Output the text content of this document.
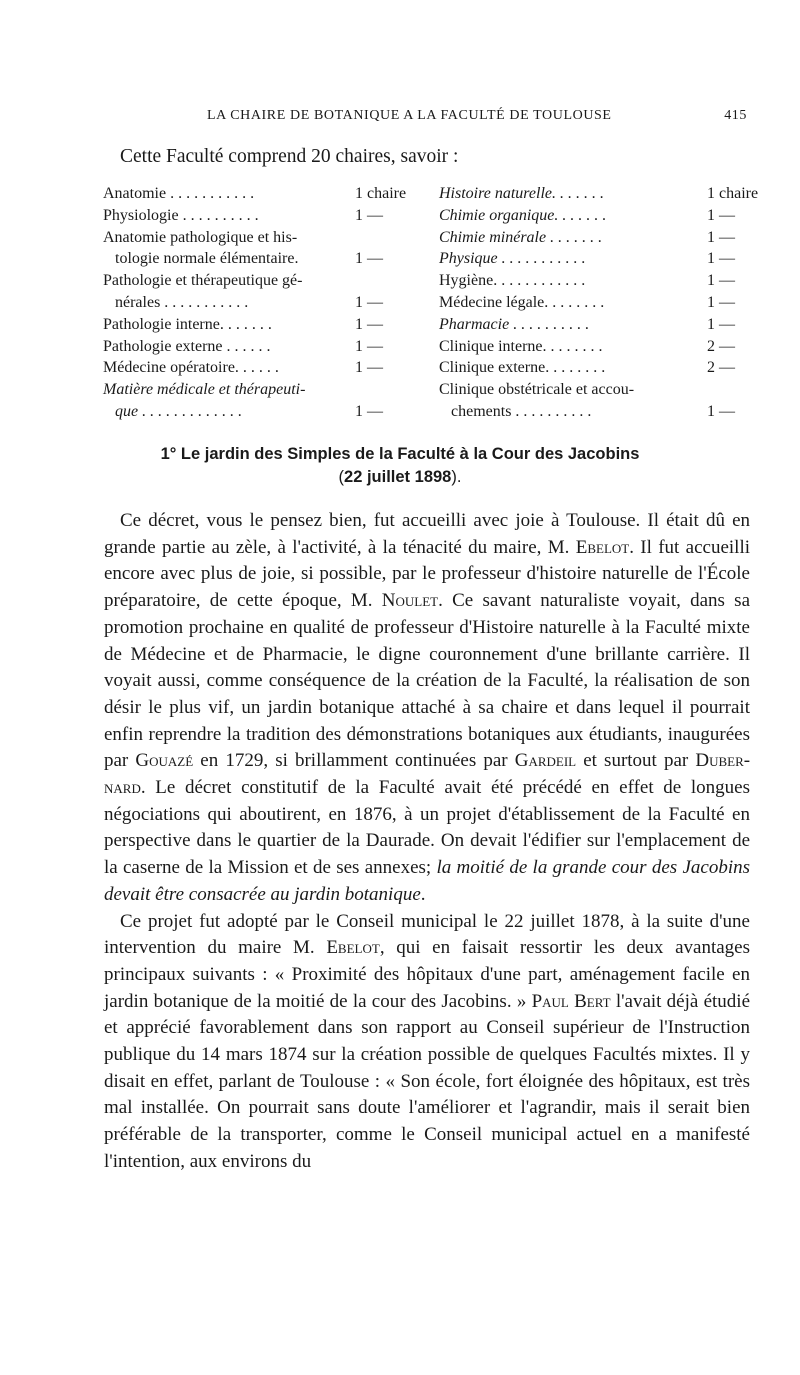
LA CHAIRE DE BOTANIQUE A LA FACULTÉ DE TOULOUSE	415
Cette Faculté comprend 20 chaires, savoir :
Anatomie . . . . . . . . . . .	1 chaire
Physiologie . . . . . . . . . .	1 —
Anatomie pathologique et his-
tologie normale élémentaire.	1 —
Pathologie et thérapeutique gé-
nérales . . . . . . . . . . .	1 —
Pathologie interne. . . . . . .	1 —
Pathologie externe . . . . . .	1 —
Médecine opératoire. . . . . .	1 —
Matière médicale et thérapeuti-
que . . . . . . . . . . . . .	1 —
Histoire naturelle. . . . . . .	1 chaire
Chimie organique. . . . . . .	1 —
Chimie minérale . . . . . . .	1 —
Physique . . . . . . . . . . .	1 —
Hygiène. . . . . . . . . . . .	1 —
Médecine légale. . . . . . . .	1 —
Pharmacie . . . . . . . . . .	1 —
Clinique interne. . . . . . . .	2 —
Clinique externe. . . . . . . .	2 —
Clinique obstétricale et accou-
chements . . . . . . . . . .	1 —
1° Le jardin des Simples de la Faculté à la Cour des Jacobins
(22 juillet 1898).

Ce décret, vous le pensez bien, fut accueilli avec joie à Toulouse. Il était dû en grande partie au zèle, à l'activité, à la ténacité du maire, M. Ebelot. Il fut accueilli encore avec plus de joie, si possible, par le professeur d'histoire naturelle de l'École préparatoire, de cette époque, M. Noulet. Ce savant naturaliste voyait, dans sa promotion prochaine en qualité de professeur d'Histoire naturelle à la Faculté mixte de Médecine et de Pharmacie, le digne couronnement d'une brillante carrière. Il voyait aussi, comme conséquence de la création de la Faculté, la réalisation de son désir le plus vif, un jardin botanique attaché à sa chaire et dans lequel il pourrait enfin reprendre la tradition des démonstrations botaniques aux étudiants, inaugurées par Gouazé en 1729, si brillamment continuées par Gardeil et surtout par Duber-nard. Le décret constitutif de la Faculté avait été précédé en effet de longues négociations qui aboutirent, en 1876, à un projet d'établissement de la Faculté en perspective dans le quartier de la Daurade. On devait l'édifier sur l'emplacement de la caserne de la Mission et de ses annexes; la moitié de la grande cour des Jacobins devait être consacrée au jardin botanique.

Ce projet fut adopté par le Conseil municipal le 22 juillet 1878, à la suite d'une intervention du maire M. Ebelot, qui en faisait ressortir les deux avantages principaux suivants : « Proximité des hôpitaux d'une part, aménagement facile en jardin botanique de la moitié de la cour des Jacobins. » Paul Bert l'avait déjà étudié et apprécié favorablement dans son rapport au Conseil supérieur de l'Instruction publique du 14 mars 1874 sur la création possible de quelques Facultés mixtes. Il y disait en effet, parlant de Toulouse : « Son école, fort éloignée des hôpitaux, est très mal installée. On pourrait sans doute l'améliorer et l'agrandir, mais il serait bien préférable de la transporter, comme le Conseil municipal actuel en a manifesté l'intention, aux environs du
